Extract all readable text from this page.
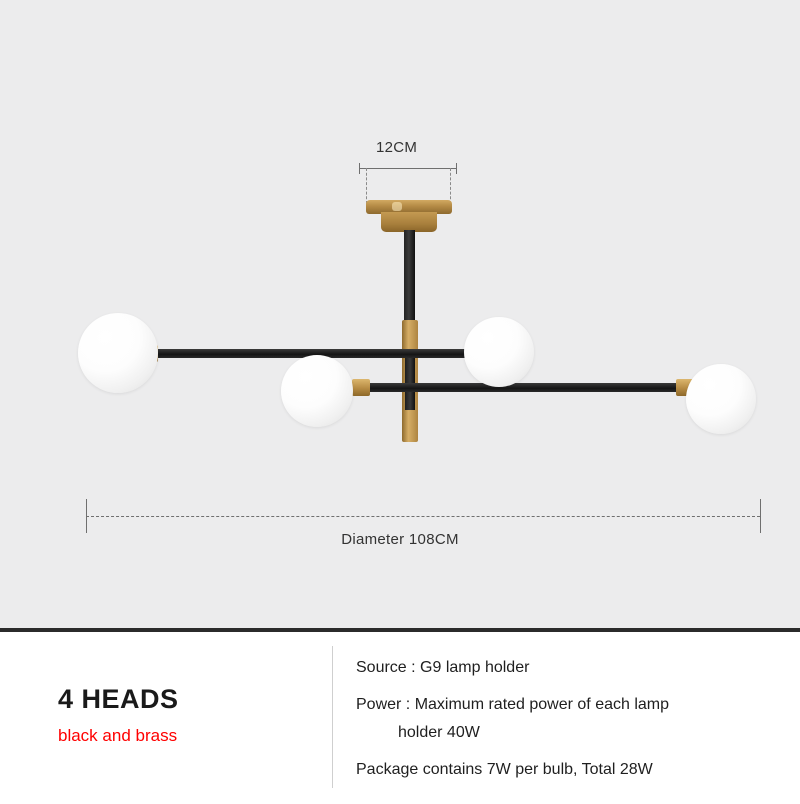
12CM
Diameter 108CM
4 HEADS
black and brass
Source : G9 lamp holder
Power : Maximum rated power of each lamp
holder 40W
Package contains 7W per bulb, Total 28W
